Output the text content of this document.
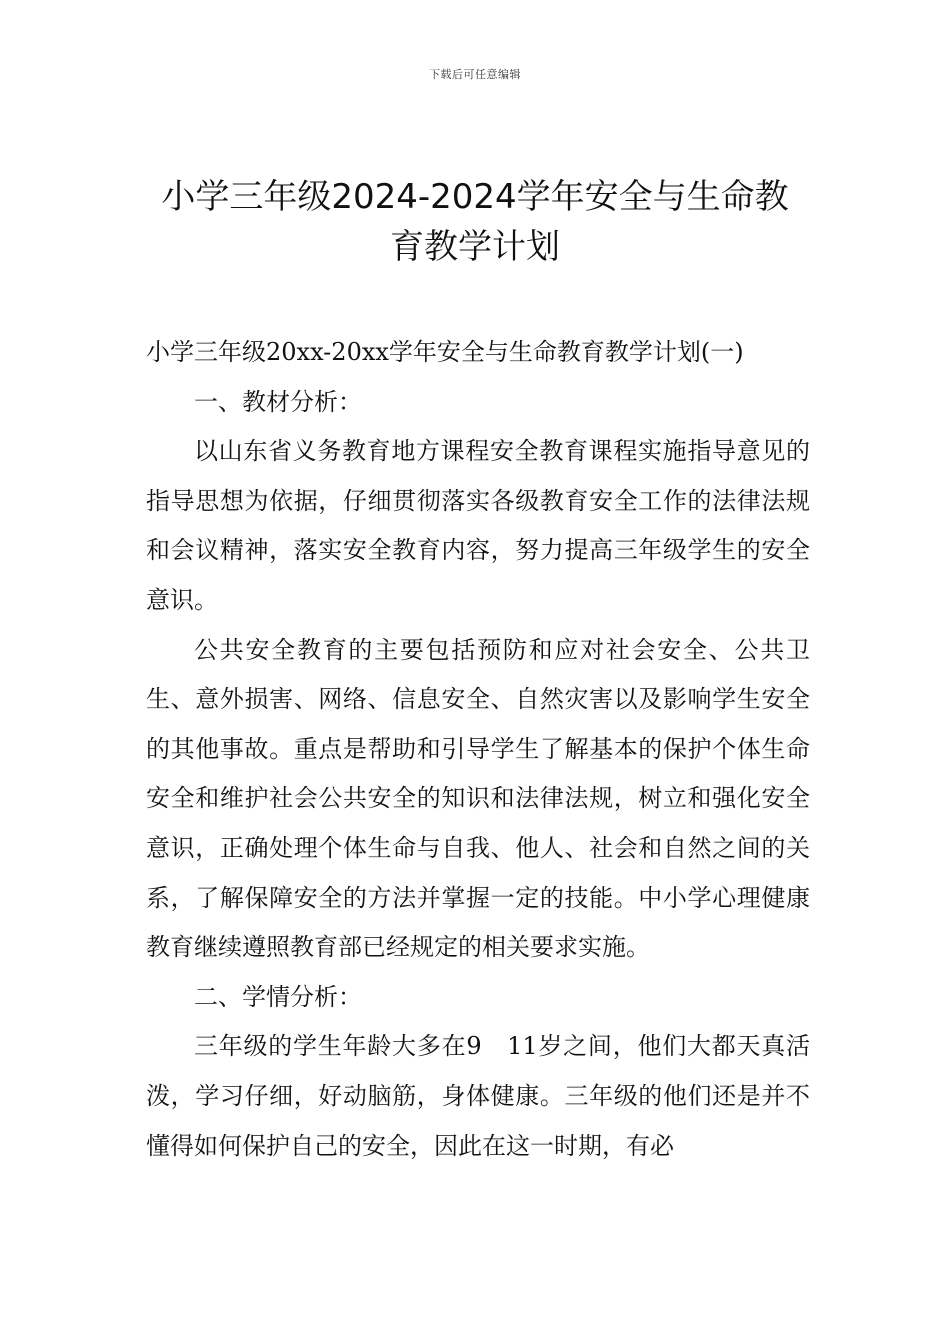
下载后可任意编辑
小学三年级2024-2024学年安全与生命教
育教学计划

小学三年级20xx-20xx学年安全与生命教育教学计划(一)

一、教材分析：

以山东省义务教育地方课程安全教育课程实施指导意见的指导思想为依据，仔细贯彻落实各级教育安全工作的法律法规和会议精神，落实安全教育内容，努力提高三年级学生的安全意识。

公共安全教育的主要包括预防和应对社会安全、公共卫生、意外损害、网络、信息安全、自然灾害以及影响学生安全的其他事故。重点是帮助和引导学生了解基本的保护个体生命安全和维护社会公共安全的知识和法律法规，树立和强化安全意识，正确处理个体生命与自我、他人、社会和自然之间的关系，了解保障安全的方法并掌握一定的技能。中小学心理健康教育继续遵照教育部已经规定的相关要求实施。

二、学情分析：

三年级的学生年龄大多在9　11岁之间，他们大都天真活泼，学习仔细，好动脑筋，身体健康。三年级的他们还是并不懂得如何保护自己的安全，因此在这一时期，有必
